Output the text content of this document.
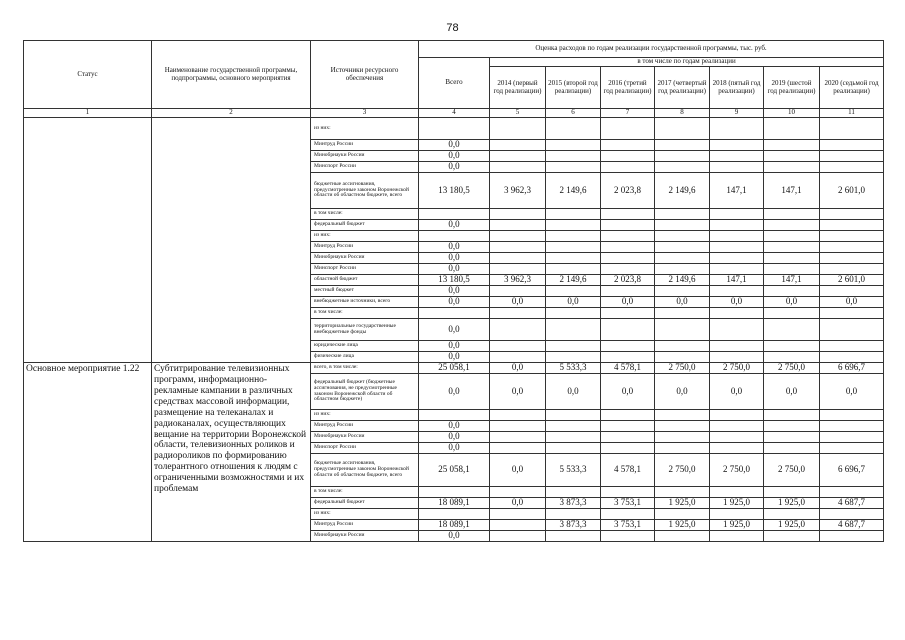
78
Статус	Наименование государственной программы, подпрограммы, основного мероприятия	Источники ресурсного обеспечения	Оценка расходов по годам реализации государственной программы, тыс. руб.							
			Всего	в том числе по годам реализации						
				2014 (первый год реализации)	2015 (второй год реализации)	2016 (третий год реализации)	2017 (четвертый год реализации)	2018 (пятый год реализации)	2019 (шестой год реализации)	2020 (седьмой год реализации)
1	2	3	4	5	6	7	8	9	10	11
		из них:								
		Минтруд России	0,0							
		Минобрнауки России	0,0							
		Минспорт России	0,0							
		бюджетные ассигнования, предусмотренные законом Воронежской области об областном бюджете, всего	13 180,5	3 962,3	2 149,6	2 023,8	2 149,6	147,1	147,1	2 601,0
		в том числе:								
		федеральный бюджет	0,0							
		из них:								
		Минтруд России	0,0							
		Минобрнауки России	0,0							
		Минспорт России	0,0							
		областной бюджет	13 180,5	3 962,3	2 149,6	2 023,8	2 149,6	147,1	147,1	2 601,0
		местный бюджет	0,0							
		внебюджетные источники, всего	0,0	0,0	0,0	0,0	0,0	0,0	0,0	0,0
		в том числе:								
		территориальные государственные внебюджетные фонды	0,0							
		юридические лица	0,0							
		физические лица	0,0							
Основное мероприятие 1.22	Субтитрирование телевизионных программ, информационно-рекламные кампании в различных средствах массовой информации, размещение на телеканалах и радиоканалах, осуществляющих вещание на территории Воронежской области, телевизионных роликов и радиороликов по формированию толерантного отношения к людям с ограниченными возможностями и их проблемам	всего, в том числе:	25 058,1	0,0	5 533,3	4 578,1	2 750,0	2 750,0	2 750,0	6 696,7
		федеральный бюджет (бюджетные ассигнования, не предусмотренные законом Воронежской области об областном бюджете)	0,0	0,0	0,0	0,0	0,0	0,0	0,0	0,0
		из них:								
		Минтруд России	0,0							
		Минобрнауки России	0,0							
		Минспорт России	0,0							
		бюджетные ассигнования, предусмотренные законом Воронежской области об областном бюджете, всего	25 058,1	0,0	5 533,3	4 578,1	2 750,0	2 750,0	2 750,0	6 696,7
		в том числе:								
		федеральный бюджет	18 089,1	0,0	3 873,3	3 753,1	1 925,0	1 925,0	1 925,0	4 687,7
		из них:								
		Минтруд России	18 089,1		3 873,3	3 753,1	1 925,0	1 925,0	1 925,0	4 687,7
		Минобрнауки России	0,0							
